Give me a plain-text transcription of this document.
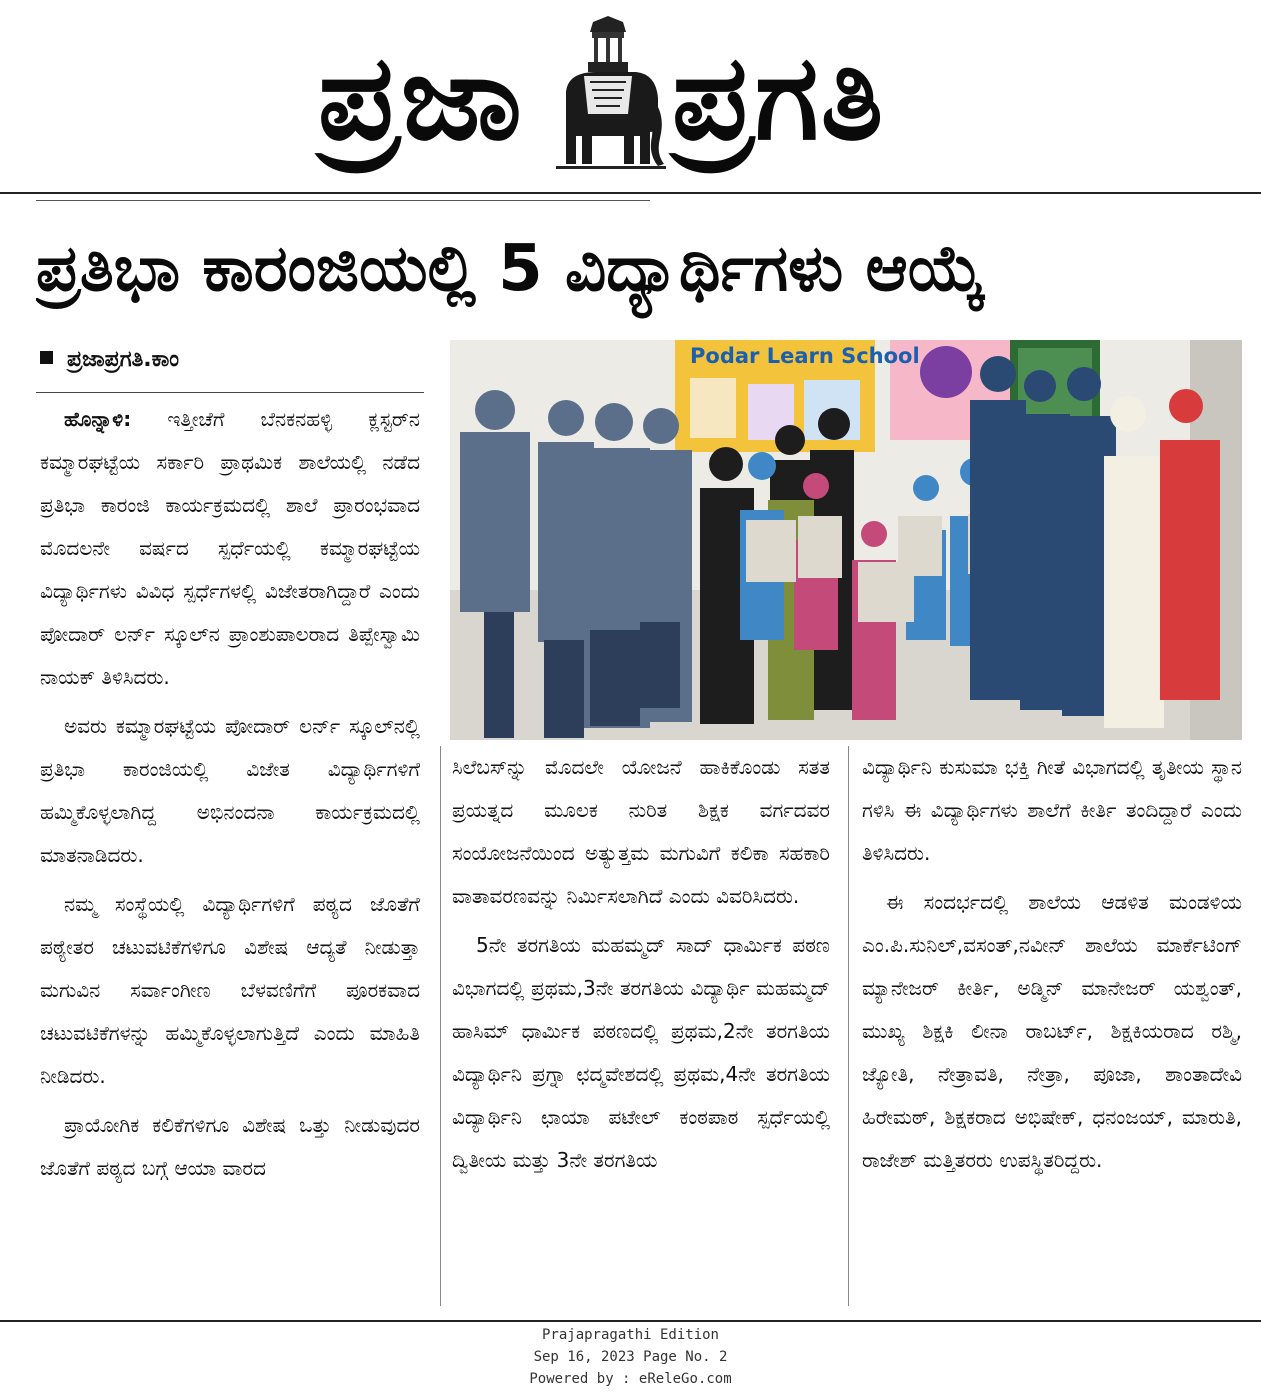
ಪ್ರಜಾ ಪ್ರಗತಿ
ಪ್ರತಿಭಾ ಕಾರಂಜಿಯಲ್ಲಿ 5 ವಿದ್ಯಾರ್ಥಿಗಳು ಆಯ್ಕೆ
ಪ್ರಜಾಪ್ರಗತಿ.ಕಾಂ

ಹೊನ್ನಾಳಿ: ಇತ್ತೀಚೆಗೆ ಬೆನಕನಹಳ್ಳಿ ಕ್ಲಸ್ಟರ್‌ನ ಕಮ್ಮಾರಘಟ್ಟೆಯ ಸರ್ಕಾರಿ ಪ್ರಾಥಮಿಕ ಶಾಲೆಯಲ್ಲಿ ನಡೆದ ಪ್ರತಿಭಾ ಕಾರಂಜಿ ಕಾರ್ಯಕ್ರಮದಲ್ಲಿ ಶಾಲೆ ಪ್ರಾರಂಭವಾದ ಮೊದಲನೇ ವರ್ಷದ ಸ್ಪರ್ಧೆಯಲ್ಲಿ ಕಮ್ಮಾರಘಟ್ಟೆಯ ವಿದ್ಯಾರ್ಥಿಗಳು ವಿವಿಧ ಸ್ಪರ್ಧೆಗಳಲ್ಲಿ ವಿಜೇತರಾಗಿದ್ದಾರೆ ಎಂದು ಪೋದಾರ್ ಲರ್ನ್ ಸ್ಕೂಲ್‌ನ ಪ್ರಾಂಶುಪಾಲರಾದ ತಿಪ್ಪೇಸ್ವಾಮಿ ನಾಯಕ್ ತಿಳಿಸಿದರು.

ಅವರು ಕಮ್ಮಾರಘಟ್ಟೆಯ ಪೋದಾರ್ ಲರ್ನ್ ಸ್ಕೂಲ್‌ನಲ್ಲಿ ಪ್ರತಿಭಾ ಕಾರಂಜಿಯಲ್ಲಿ ವಿಜೇತ ವಿದ್ಯಾರ್ಥಿಗಳಿಗೆ ಹಮ್ಮಿಕೊಳ್ಳಲಾಗಿದ್ದ ಅಭಿನಂದನಾ ಕಾರ್ಯಕ್ರಮದಲ್ಲಿ ಮಾತನಾಡಿದರು.

ನಮ್ಮ ಸಂಸ್ಥೆಯಲ್ಲಿ ವಿದ್ಯಾರ್ಥಿಗಳಿಗೆ ಪಠ್ಯದ ಜೊತೆಗೆ ಪಠ್ಯೇತರ ಚಟುವಟಿಕೆಗಳಿಗೂ ವಿಶೇಷ ಆದ್ಯತೆ ನೀಡುತ್ತಾ ಮಗುವಿನ ಸರ್ವಾಂಗೀಣ ಬೆಳವಣಿಗೆಗೆ ಪೂರಕವಾದ ಚಟುವಟಿಕೆಗಳನ್ನು ಹಮ್ಮಿಕೊಳ್ಳಲಾಗುತ್ತಿದೆ ಎಂದು ಮಾಹಿತಿ ನೀಡಿದರು.

ಪ್ರಾಯೋಗಿಕ ಕಲಿಕೆಗಳಿಗೂ ವಿಶೇಷ ಒತ್ತು ನೀಡುವುದರ ಜೊತೆಗೆ ಪಠ್ಯದ ಬಗ್ಗೆ ಆಯಾ ವಾರದ

Podar Learn School

ಸಿಲೆಬಸ್‌ನ್ನು ಮೊದಲೇ ಯೋಜನೆ ಹಾಕಿಕೊಂಡು ಸತತ ಪ್ರಯತ್ನದ ಮೂಲಕ ನುರಿತ ಶಿಕ್ಷಕ ವರ್ಗದವರ ಸಂಯೋಜನೆಯಿಂದ ಅತ್ಯುತ್ತಮ ಮಗುವಿಗೆ ಕಲಿಕಾ ಸಹಕಾರಿ ವಾತಾವರಣವನ್ನು ನಿರ್ಮಿಸಲಾಗಿದೆ ಎಂದು ವಿವರಿಸಿದರು.

5ನೇ ತರಗತಿಯ ಮಹಮ್ಮದ್ ಸಾದ್ ಧಾರ್ಮಿಕ ಪಠಣ ವಿಭಾಗದಲ್ಲಿ ಪ್ರಥಮ,3ನೇ ತರಗತಿಯ ವಿದ್ಯಾರ್ಥಿ ಮಹಮ್ಮದ್ ಹಾಸಿಮ್ ಧಾರ್ಮಿಕ ಪಠಣದಲ್ಲಿ ಪ್ರಥಮ,2ನೇ ತರಗತಿಯ ವಿದ್ಯಾರ್ಥಿನಿ ಪ್ರಗ್ನಾ ಛದ್ಮವೇಶದಲ್ಲಿ ಪ್ರಥಮ,4ನೇ ತರಗತಿಯ ವಿದ್ಯಾರ್ಥಿನಿ ಛಾಯಾ ಪಟೇಲ್ ಕಂಠಪಾಠ ಸ್ಪರ್ಧೆಯಲ್ಲಿ ದ್ವಿತೀಯ ಮತ್ತು 3ನೇ ತರಗತಿಯ

ವಿದ್ಯಾರ್ಥಿನಿ ಕುಸುಮಾ ಭಕ್ತಿ ಗೀತೆ ವಿಭಾಗದಲ್ಲಿ ತೃತೀಯ ಸ್ಥಾನ ಗಳಿಸಿ ಈ ವಿದ್ಯಾರ್ಥಿಗಳು ಶಾಲೆಗೆ ಕೀರ್ತಿ ತಂದಿದ್ದಾರೆ ಎಂದು ತಿಳಿಸಿದರು.

ಈ ಸಂದರ್ಭದಲ್ಲಿ ಶಾಲೆಯ ಆಡಳಿತ ಮಂಡಳಿಯ ಎಂ.ಪಿ.ಸುನಿಲ್,ವಸಂತ್,ನವೀನ್ ಶಾಲೆಯ ಮಾರ್ಕೆಟಿಂಗ್ ಮ್ಯಾನೇಜರ್ ಕೀರ್ತಿ, ಅಡ್ಮಿನ್ ಮಾನೇಜರ್ ಯಶ್ವಂತ್, ಮುಖ್ಯ ಶಿಕ್ಷಕಿ ಲೀನಾ ರಾಬರ್ಟ್, ಶಿಕ್ಷಕಿಯರಾದ ರಶ್ಮಿ, ಜ್ಯೋತಿ, ನೇತ್ರಾವತಿ, ನೇತ್ರಾ, ಪೂಜಾ, ಶಾಂತಾದೇವಿ ಹಿರೇಮಠ್, ಶಿಕ್ಷಕರಾದ ಅಭಿಷೇಕ್, ಧನಂಜಯ್, ಮಾರುತಿ, ರಾಜೇಶ್ ಮತ್ತಿತರರು ಉಪಸ್ಥಿತರಿದ್ದರು.

Prajapragathi Edition
Sep 16, 2023 Page No. 2
Powered by : eReleGo.com
